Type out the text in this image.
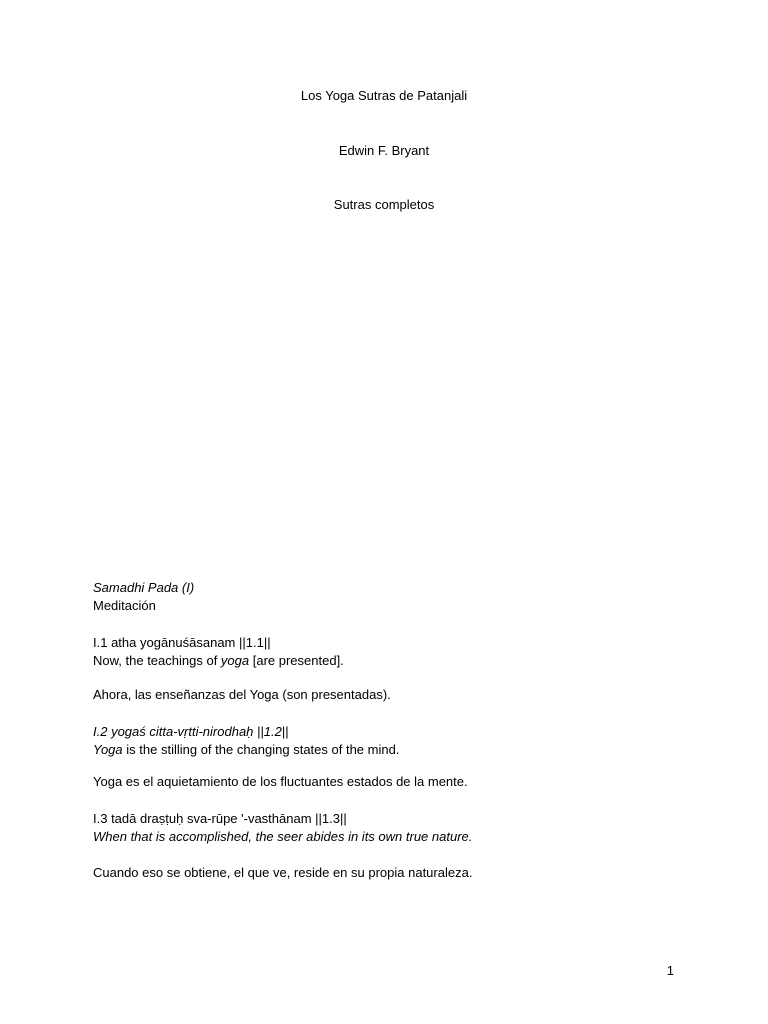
Los Yoga Sutras de Patanjali
Edwin F. Bryant
Sutras completos
Samadhi Pada (I)
Meditación
I.1 atha yogānuśāsanam ||1.1||
Now, the teachings of yoga [are presented].
Ahora, las enseñanzas del Yoga (son presentadas).
I.2 yogaś citta-vṛtti-nirodhaḥ ||1.2||
Yoga is the stilling of the changing states of the mind.
Yoga es el aquietamiento de los fluctuantes estados de la mente.
I.3 tadā draṣṭuḥ sva-rūpe '-vasthānam ||1.3||
When that is accomplished, the seer abides in its own true nature.
Cuando eso se obtiene, el que ve, reside en su propia naturaleza.
1
